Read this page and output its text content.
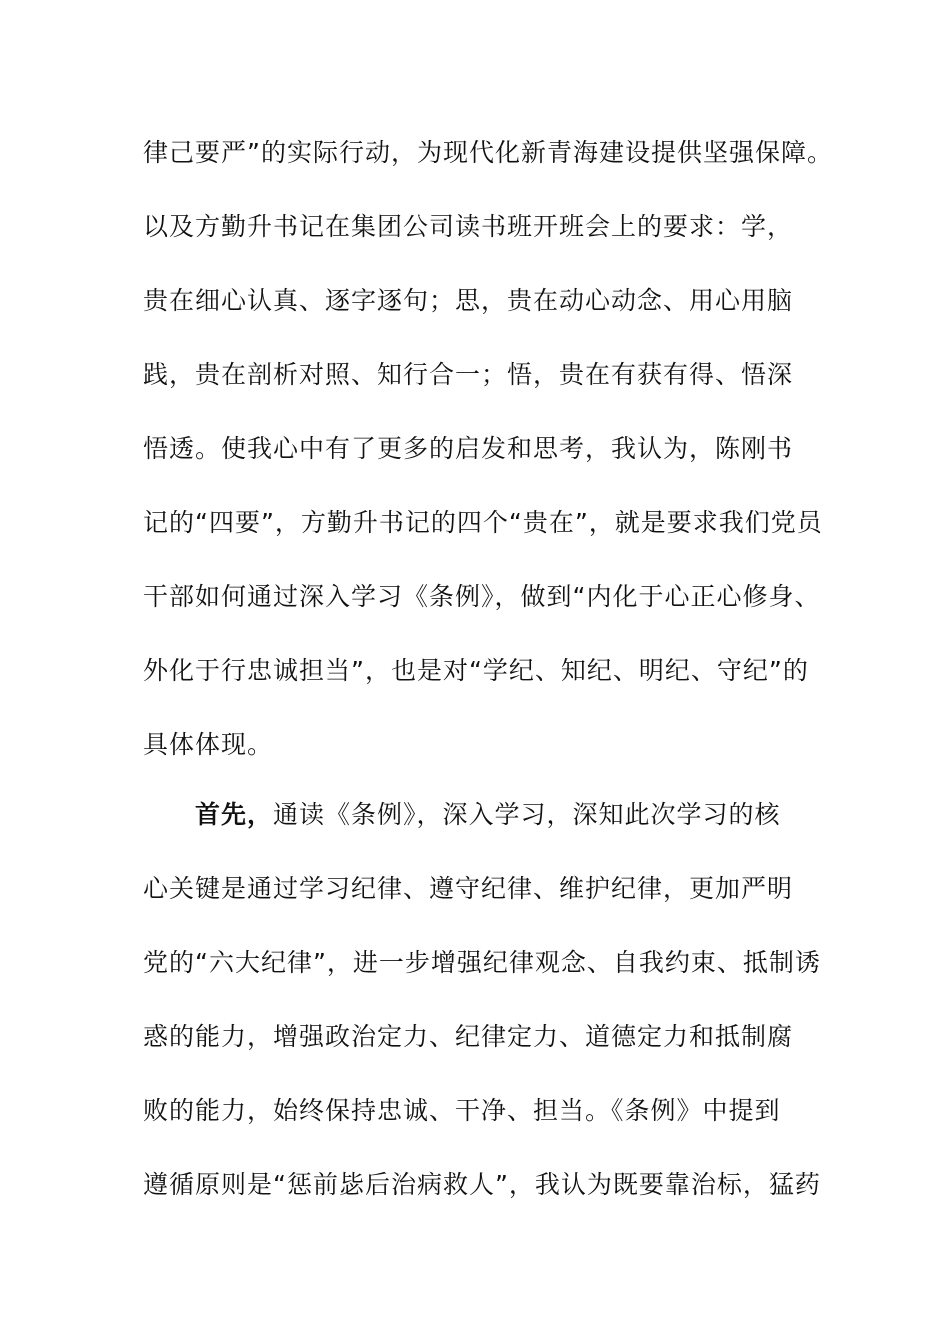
律己要严”的实际行动，为现代化新青海建设提供坚强保障。

以及方勤升书记在集团公司读书班开班会上的要求：学，

贵在细心认真、逐字逐句；思，贵在动心动念、用心用脑

践，贵在剖析对照、知行合一；悟，贵在有获有得、悟深

悟透。使我心中有了更多的启发和思考，我认为，陈刚书

记的“四要”，方勤升书记的四个“贵在”，就是要求我们党员

干部如何通过深入学习《条例》，做到“内化于心正心修身、

外化于行忠诚担当”，也是对“学纪、知纪、明纪、守纪”的

具体体现。

首先，通读《条例》，深入学习，深知此次学习的核

心关键是通过学习纪律、遵守纪律、维护纪律，更加严明

党的“六大纪律”，进一步增强纪律观念、自我约束、抵制诱

惑的能力，增强政治定力、纪律定力、道德定力和抵制腐

败的能力，始终保持忠诚、干净、担当。《条例》中提到

遵循原则是“惩前毖后治病救人”，我认为既要靠治标，猛药
